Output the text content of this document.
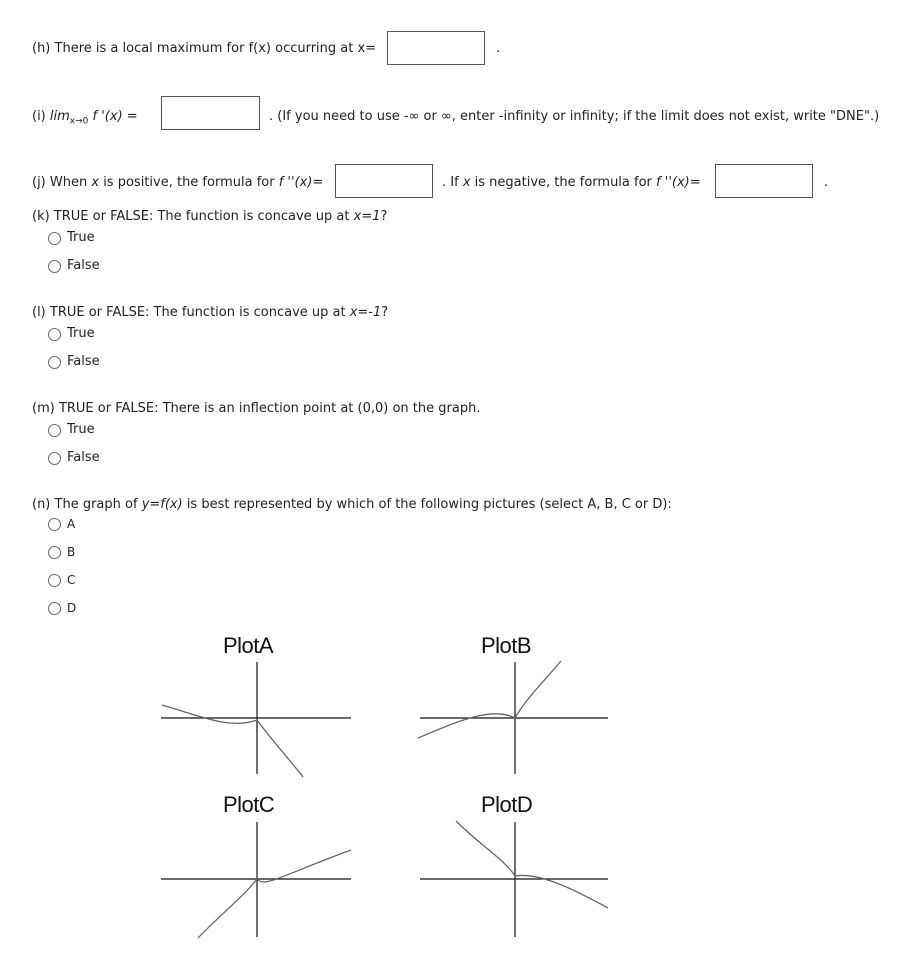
(h) There is a local maximum for f(x) occurring at x=	.
(i) $\lim_{x\to 0} f$ '(x) =	. (If you need to use -∞ or ∞, enter -infinity or infinity; if the limit does not exist, write "DNE".)
(j) When x is positive, the formula for f ''(x)=	. If x is negative, the formula for f ''(x)=	.
(k) TRUE or FALSE: The function is concave up at x=1?
True
False
(l) TRUE or FALSE: The function is concave up at x=-1?
True
False
(m) TRUE or FALSE: There is an inflection point at (0,0) on the graph.
True
False
(n) The graph of y=f(x) is best represented by which of the following pictures (select A, B, C or D):
A
B
C
D
PlotA	PlotB
PlotC	PlotD
